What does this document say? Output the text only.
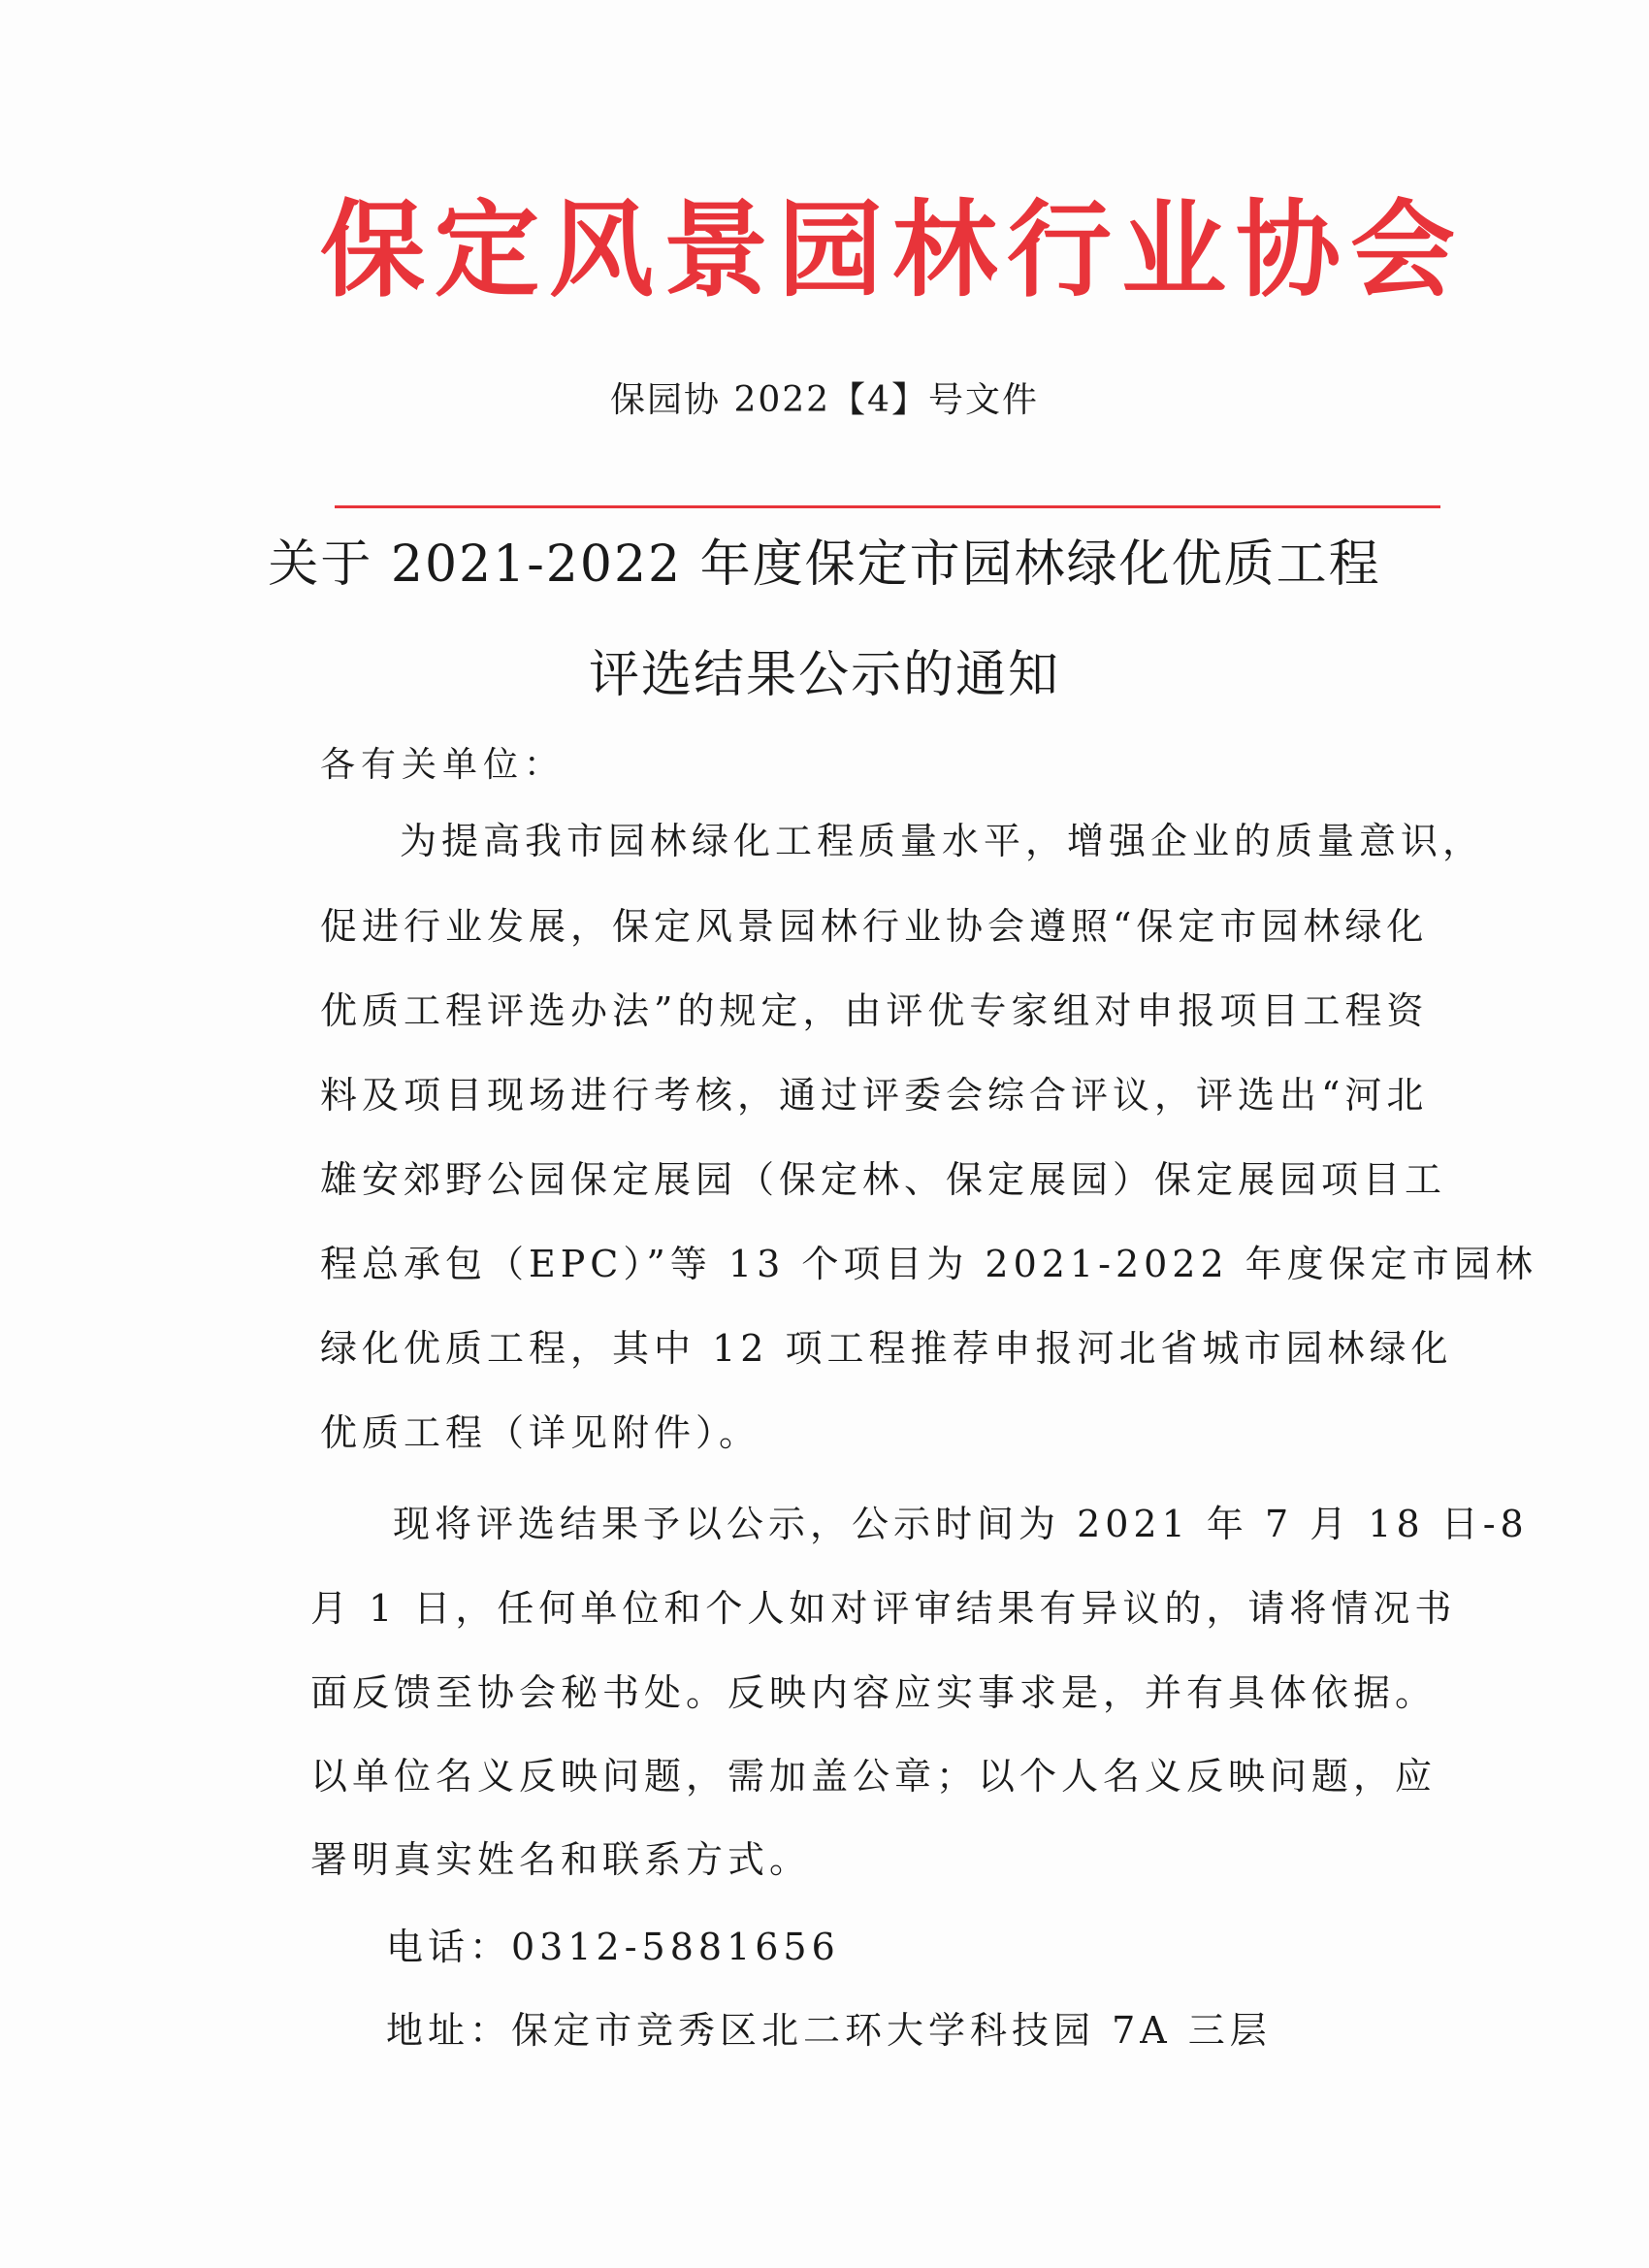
保定风景园林行业协会
保园协 2022【4】号文件
关于 2021-2022 年度保定市园林绿化优质工程
评选结果公示的通知
各有关单位：
为提高我市园林绿化工程质量水平，增强企业的质量意识，
促进行业发展，保定风景园林行业协会遵照“保定市园林绿化
优质工程评选办法”的规定，由评优专家组对申报项目工程资
料及项目现场进行考核，通过评委会综合评议，评选出“河北
雄安郊野公园保定展园（保定林、保定展园）保定展园项目工
程总承包（EPC）”等 13 个项目为 2021-2022 年度保定市园林
绿化优质工程，其中 12 项工程推荐申报河北省城市园林绿化
优质工程（详见附件）。
现将评选结果予以公示，公示时间为 2021 年 7 月 18 日-8
月 1 日，任何单位和个人如对评审结果有异议的，请将情况书
面反馈至协会秘书处。反映内容应实事求是，并有具体依据。
以单位名义反映问题，需加盖公章；以个人名义反映问题，应
署明真实姓名和联系方式。
电话：0312-5881656
地址：保定市竞秀区北二环大学科技园 7A 三层
